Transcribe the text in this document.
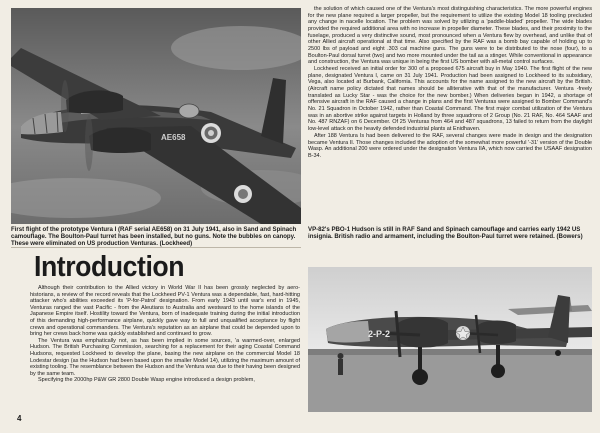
AE658

the solution of which caused one of the Ventura's most distinguishing characteristics. The more powerful engines for the new plane required a larger propeller, but the requirement to utilize the existing Model 18 tooling precluded any change in nacelle location. The problem was solved by utilizing a 'paddle-bladed' propeller. The wide blades provided the required additional area with no increase in propeller diameter. These blades, and their proximity to the fuselage, produced a very distinctive sound, most pronounced when a Ventura flew by overhead, and unlike that of other Allied aircraft operational at that time. Also specified by the RAF was a bomb bay capable of holding up to 2500 lbs of payload and eight .303 cal machine guns. The guns were to be distributed to the nose (four), to a Boulton-Paul dorsal turret (two) and two more mounted under the tail as a stinger. While conventional in appearance and construction, the Ventura was unique in being the first US bomber with all-metal control surfaces.

Lockheed received an initial order for 300 of a proposed 675 aircraft buy in May 1940. The first flight of the new plane, designated Ventura I, came on 31 July 1941. Production had been assigned to Lockheed to its subsidiary, Vega, also located at Burbank, California. This accounts for the name assigned to the new aircraft by the British. (Aircraft name policy dictated that names should be alliterative with that of the manufacturer. Ventura -freely translated as Lucky Star - was the choice for the new bomber.) When deliveries began in 1942, a shortage of offensive aircraft in the RAF caused a change in plans and the first Venturas were assigned to Bomber Command's No. 21 Squadron in October 1942, rather than Coastal Command. The first major combat utilization of the Ventura was in an abortive strike against targets in Holland by three squadrons of 2 Group (No. 21 RAF, No. 464 SAAF and No. 487 RNZAF) on 6 December. Of 25 Venturas from 464 and 487 squadrons, 13 failed to return from the daylight low-level attack on the heavily defended industrial plants at Enidhaven.

After 188 Ventura Is had been delivered to the RAF, several changes were made in design and the designation became Ventura II. Those changes included the adoption of the somewhat more powerful '-31' version of the Double Wasp. An additional 200 were ordered under the designation Ventura IIA, which now carried the USAAF designation B-34.

First flight of the prototype Ventura I (RAF serial AE658) on 31 July 1941, also in Sand and Spinach camouflage. The Boulton-Paul turret has been installed, but no guns. Note the bubbles on canopy. These were eliminated on US production Venturas. (Lockheed)

VP-82's PBO-1 Hudson is still in RAF Sand and Spinach camouflage and carries early 1942 US insignia. British radio and armament, including the Boulton-Paul turret were retained. (Bowers)

Introduction

Although their contribution to the Allied victory in World War II has been grossly neglected by aero-historians, a review of the record reveals that the Lockheed PV-1 Ventura was a dependable, fast, hard-hitting attacker who's abilities exceeded its 'P-for-Patrol' designation. From early 1943 until war's end in 1945, Venturas ranged the vast Pacific - from the Aleutians to Australia and westward to the home islands of the Japanese Empire itself. Hostility toward the Ventura, born of inadequate training during the initial introduction of this demanding high-performance airplane, quickly gave way to full and unqualified acceptance by flight crews and operational commanders. The Ventura's reputation as an airplane that could be depended upon to bring her crews back home was quickly established and continued to grow.

The Ventura was emphatically not, as has been implied in some sources, 'a warmed-over, enlarged Hudson. The British Purchasing Commission, searching for a replacement for their aging Coastal Command Hudsons, requested Lockheed to develop the plane, basing the new airplane on the commercial Model 18 Lodestar design (as the Hudson had been based upon the smaller Model 14), utilizing the maximum amount of existing tooling. The resemblance between the Hudson and the Ventura was due to their having been designed by the same team.

Specifying the 2000hp P&W GR 2800 Double Wasp engine introduced a design problem,

2-P-2
4
